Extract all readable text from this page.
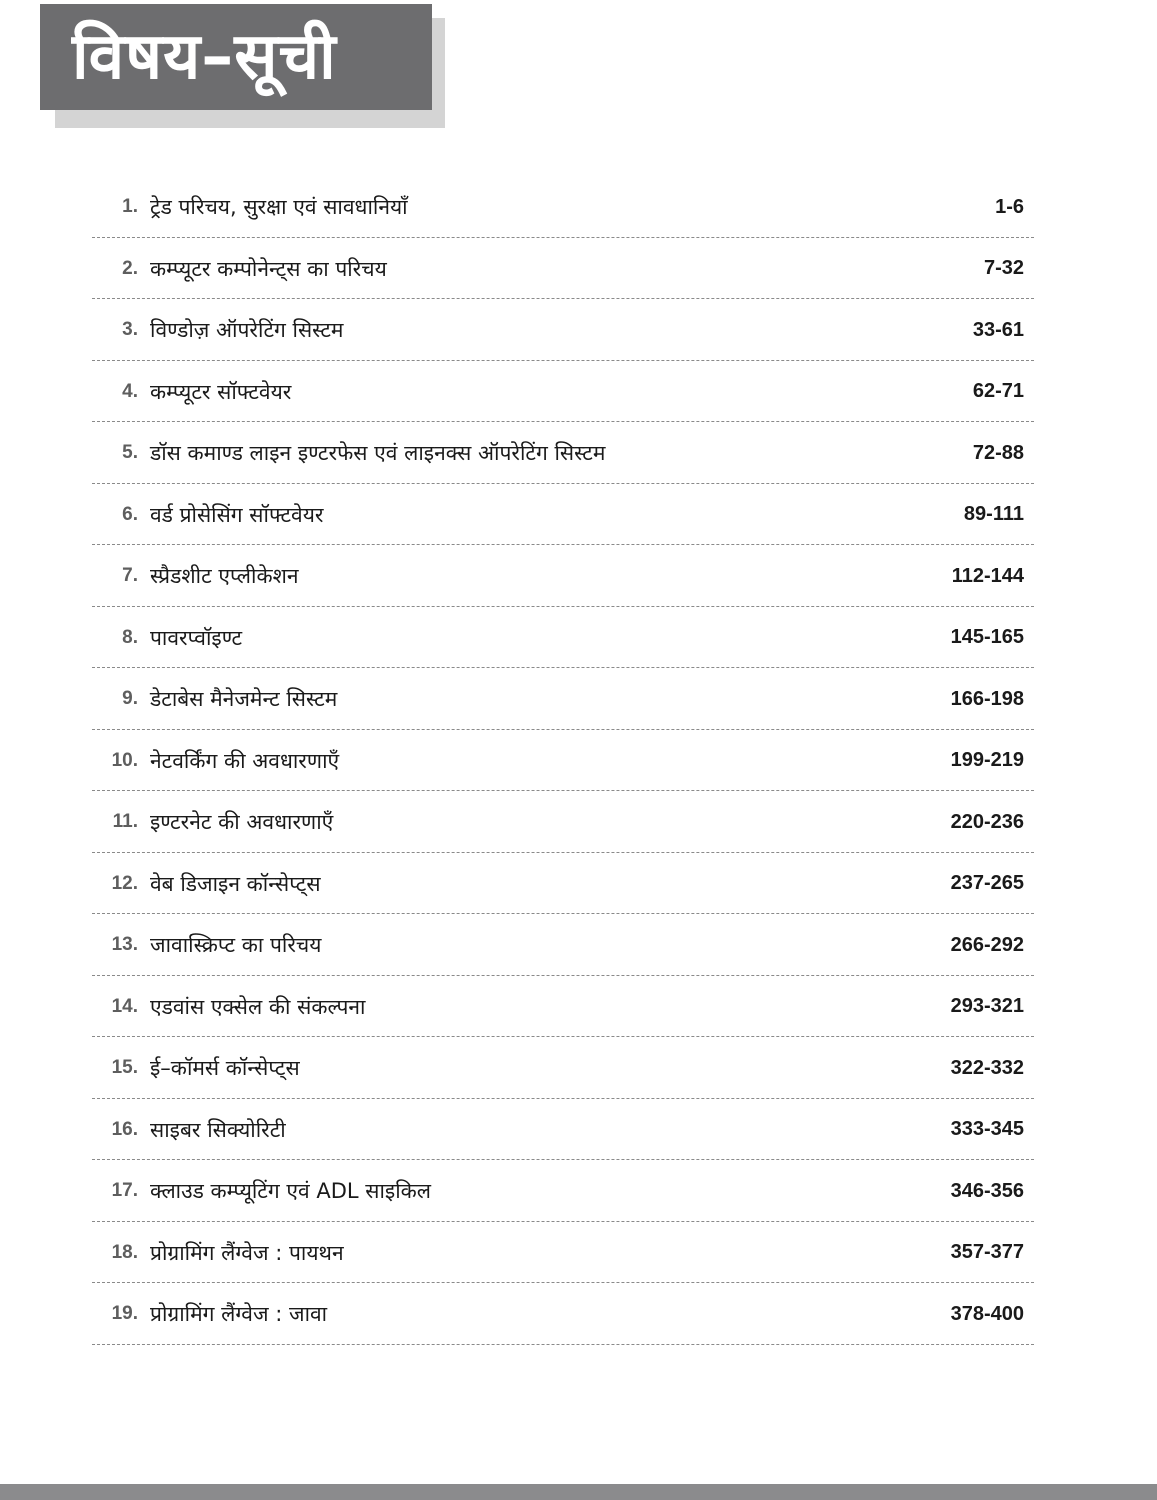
विषय–सूची
1. ट्रेड परिचय, सुरक्षा एवं सावधानियाँ	1-6
2. कम्प्यूटर कम्पोनेन्ट्स का परिचय	7-32
3. विण्डोज़ ऑपरेटिंग सिस्टम	33-61
4. कम्प्यूटर सॉफ्टवेयर	62-71
5. डॉस कमाण्ड लाइन इण्टरफेस एवं लाइनक्स ऑपरेटिंग सिस्टम	72-88
6. वर्ड प्रोसेसिंग सॉफ्टवेयर	89-111
7. स्प्रैडशीट एप्लीकेशन	112-144
8. पावरप्वॉइण्ट	145-165
9. डेटाबेस मैनेजमेन्ट सिस्टम	166-198
10. नेटवर्किंग की अवधारणाएँ	199-219
11. इण्टरनेट की अवधारणाएँ	220-236
12. वेब डिजाइन कॉन्सेप्ट्स	237-265
13. जावास्क्रिप्ट का परिचय	266-292
14. एडवांस एक्सेल की संकल्पना	293-321
15. ई–कॉमर्स कॉन्सेप्ट्स	322-332
16. साइबर सिक्योरिटी	333-345
17. क्लाउड कम्प्यूटिंग एवं ADL साइकिल	346-356
18. प्रोग्रामिंग लैंग्वेज : पायथन	357-377
19. प्रोग्रामिंग लैंग्वेज : जावा	378-400
